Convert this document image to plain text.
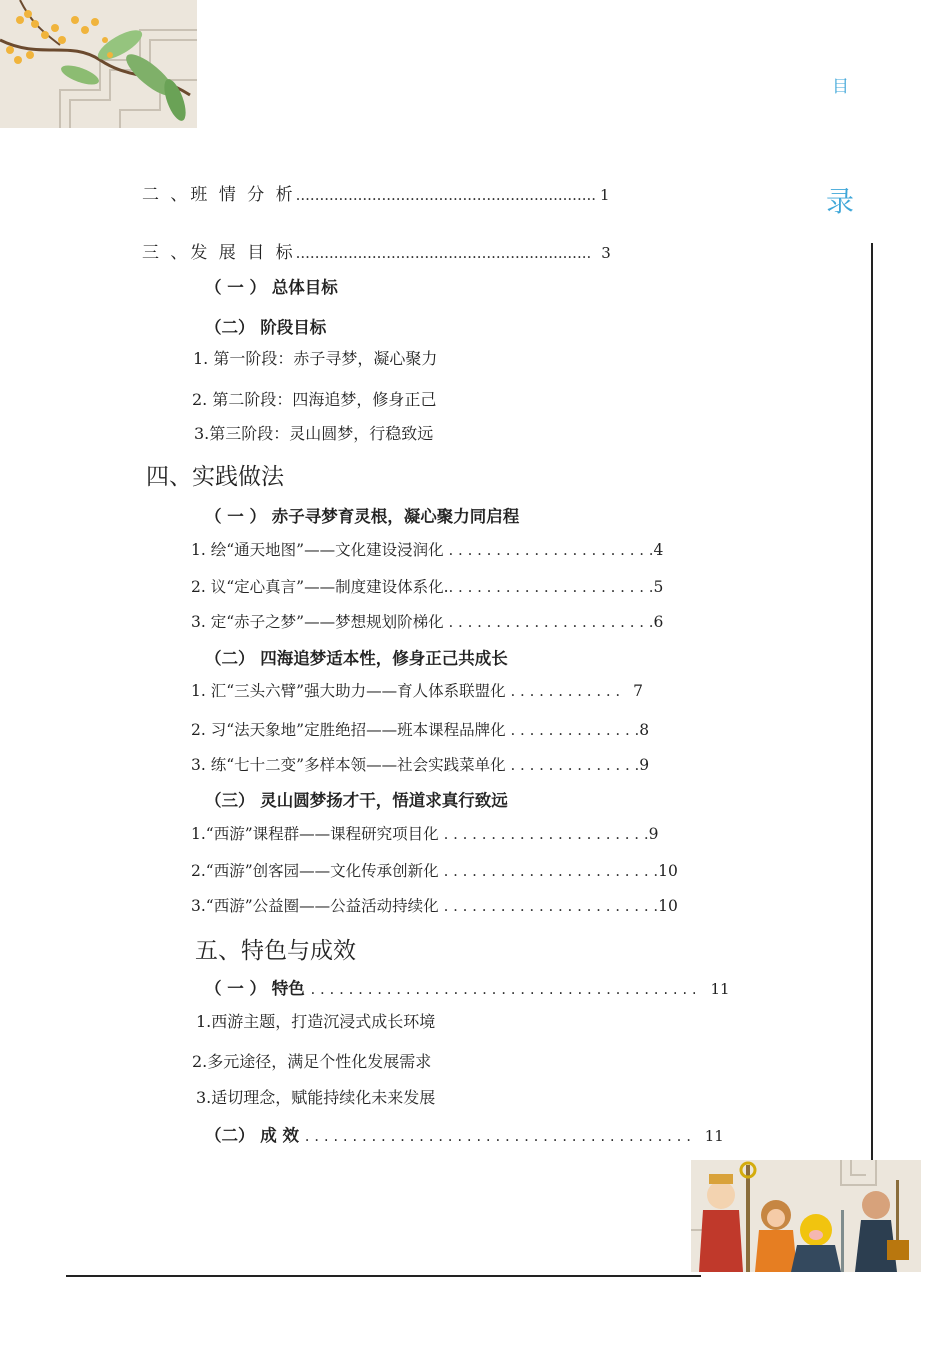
目
录
二 、班 情 分 析............................................................... 1
三 、发 展 目 标.............................................................. 3
（ 一 ） 总体目标
（二） 阶段目标
1. 第一阶段：赤子寻梦，凝心聚力
2. 第二阶段：四海追梦，修身正己
3.第三阶段：灵山圆梦，行稳致远
四、实践做法
（ 一 ） 赤子寻梦育灵根，凝心聚力同启程
1. 绘“通天地图”——文化建设浸润化 . . . . . . . . . . . . . . . . . . . . . .4
2. 议“定心真言”——制度建设体系化.. . . . . . . . . . . . . . . . . . . . . .5
3. 定“赤子之梦”——梦想规划阶梯化 . . . . . . . . . . . . . . . . . . . . . .6
（二） 四海追梦适本性，修身正己共成长
1. 汇“三头六臂”强大助力——育人体系联盟化 . . . . . . . . . . . . 7
2. 习“法天象地”定胜绝招——班本课程品牌化 . . . . . . . . . . . . . .8
3. 练“七十二变”多样本领——社会实践菜单化 . . . . . . . . . . . . . .9
（三） 灵山圆梦扬才干，悟道求真行致远
1.“西游”课程群——课程研究项目化 . . . . . . . . . . . . . . . . . . . . . .9
2.“西游”创客园——文化传承创新化 . . . . . . . . . . . . . . . . . . . . . . .10
3.“西游”公益圈——公益活动持续化 . . . . . . . . . . . . . . . . . . . . . . .10
五、特色与成效
（ 一 ） 特色 . . . . . . . . . . . . . . . . . . . . . . . . . . . . . . . . . . . . . . . . . 11
1.西游主题，打造沉浸式成长环境
2.多元途径，满足个性化发展需求
3.适切理念，赋能持续化未来发展
（二） 成 效 . . . . . . . . . . . . . . . . . . . . . . . . . . . . . . . . . . . . . . . . . 11
